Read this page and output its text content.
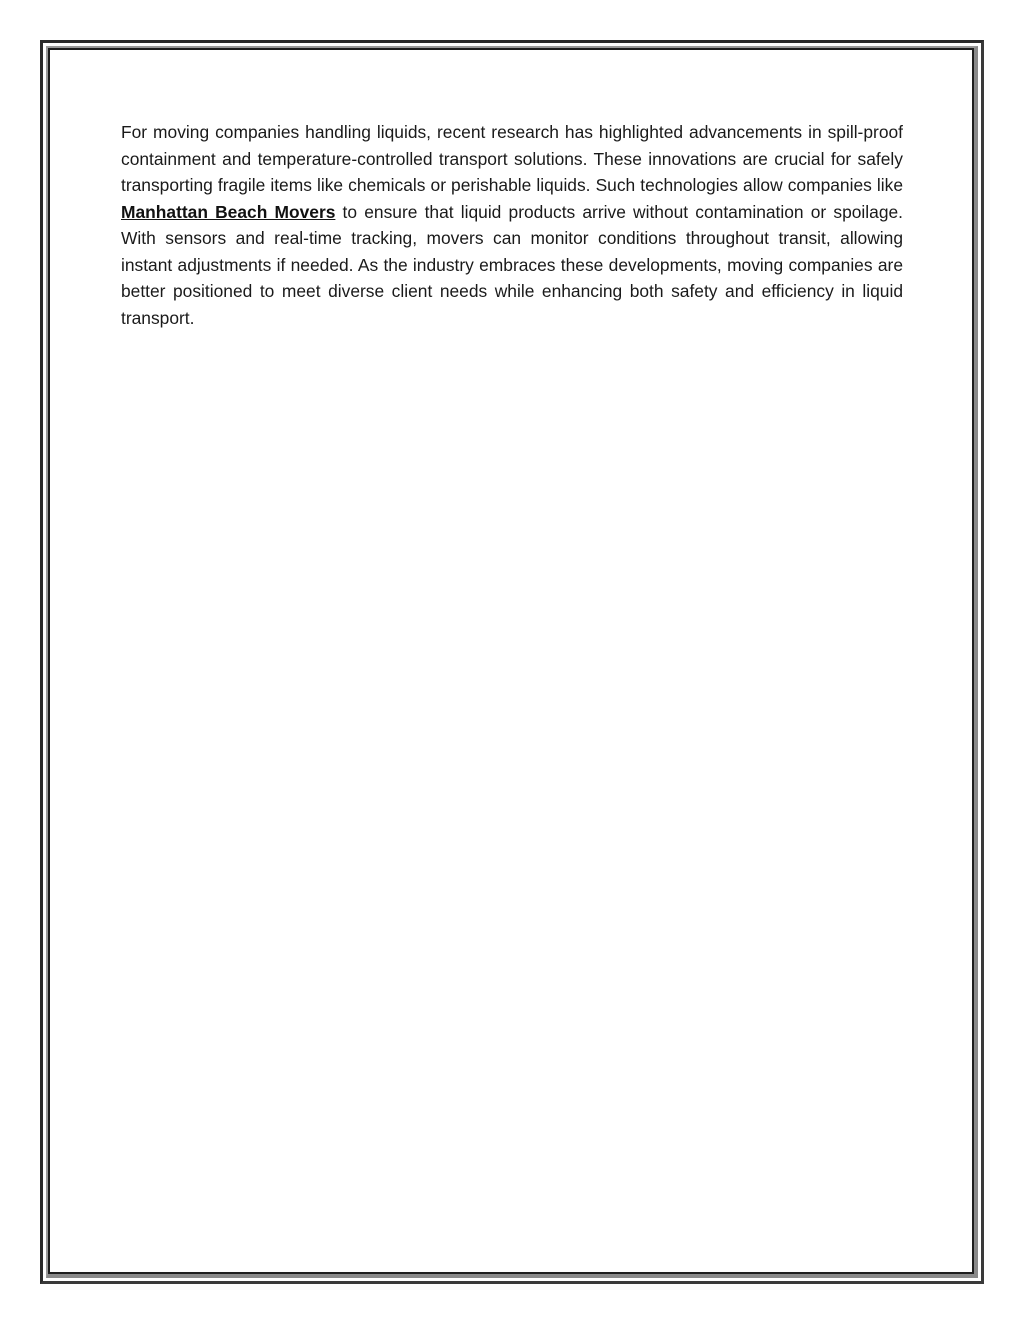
For moving companies handling liquids, recent research has highlighted advancements in spill-proof containment and temperature-controlled transport solutions. These innovations are crucial for safely transporting fragile items like chemicals or perishable liquids. Such technologies allow companies like Manhattan Beach Movers to ensure that liquid products arrive without contamination or spoilage. With sensors and real-time tracking, movers can monitor conditions throughout transit, allowing instant adjustments if needed. As the industry embraces these developments, moving companies are better positioned to meet diverse client needs while enhancing both safety and efficiency in liquid transport.
